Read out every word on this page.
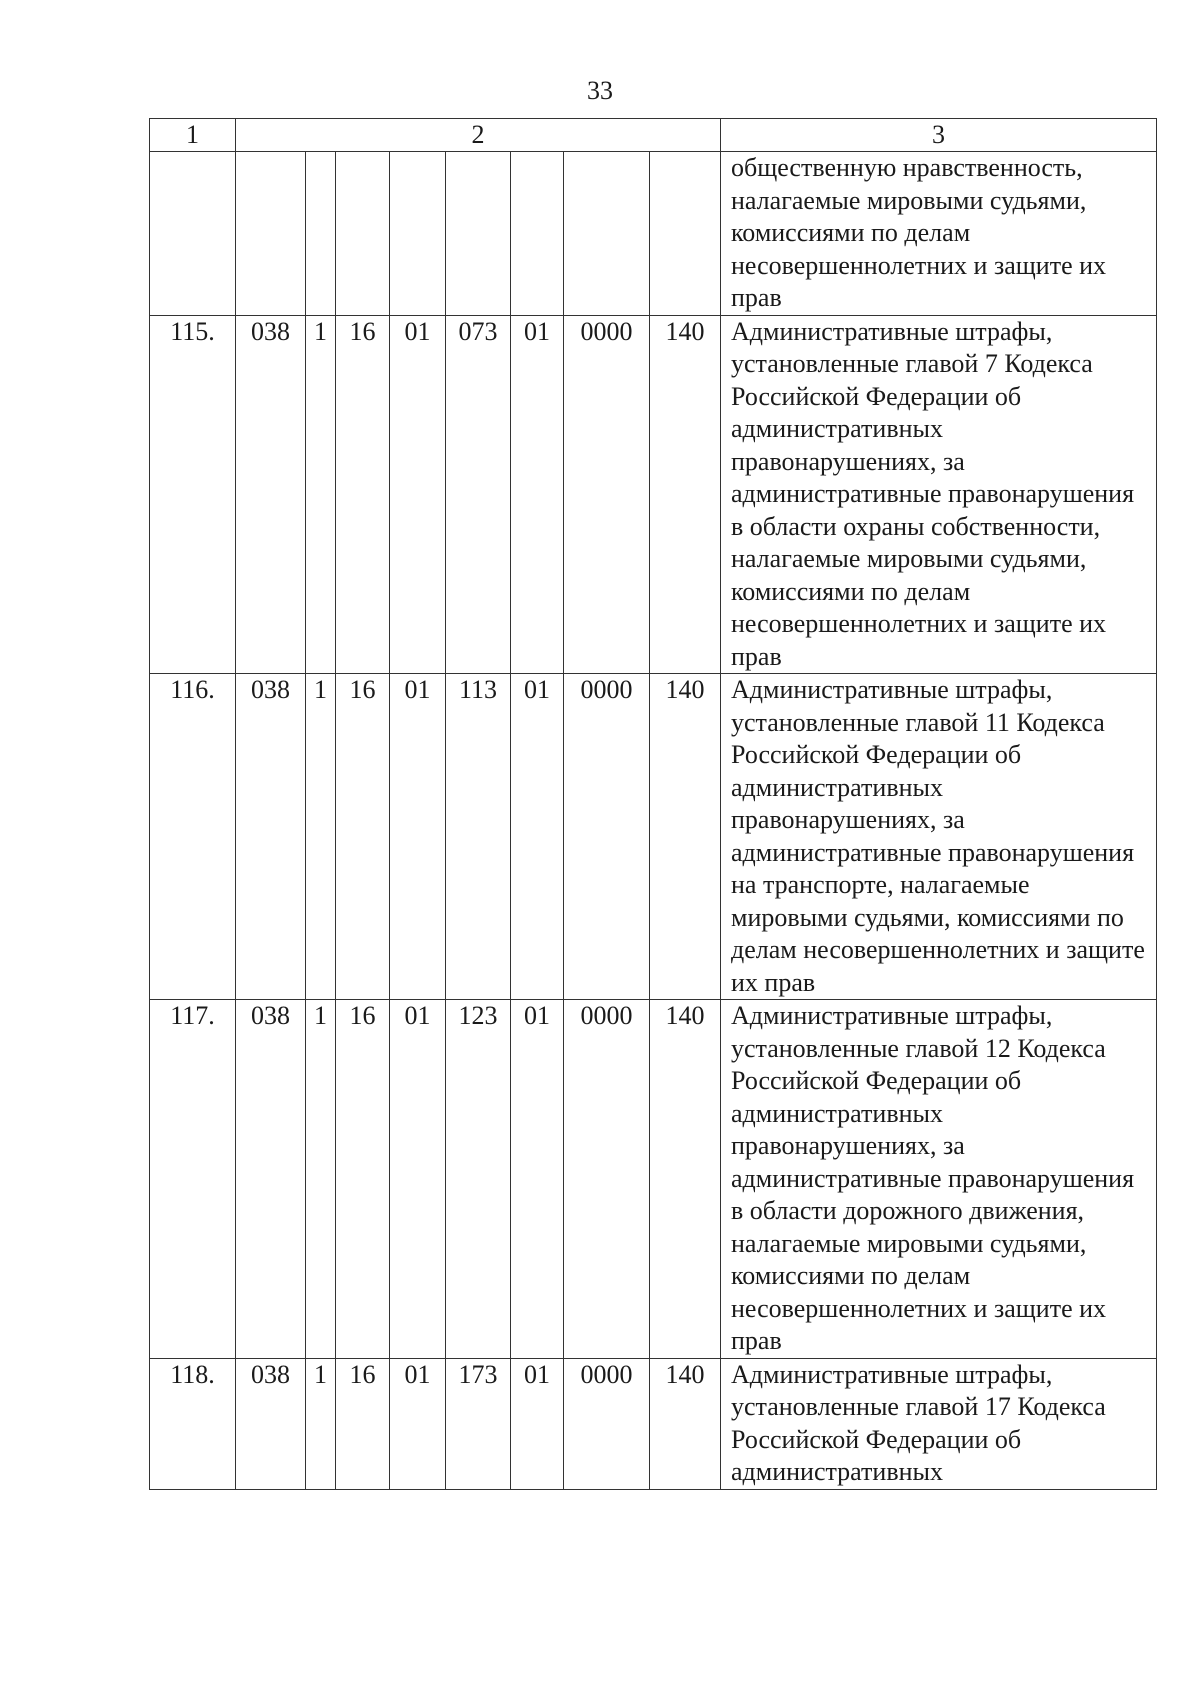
33
1	2								3
									общественную нравственность, налагаемые мировыми судьями, комиссиями по делам несовершеннолетних и защите их прав
115.	038	1	16	01	073	01	0000	140	Административные штрафы, установленные главой 7 Кодекса Российской Федерации об административных правонарушениях, за административные правонарушения в области охраны собственности, налагаемые мировыми судьями, комиссиями по делам несовершеннолетних и защите их прав
116.	038	1	16	01	113	01	0000	140	Административные штрафы, установленные главой 11 Кодекса Российской Федерации об административных правонарушениях, за административные правонарушения на транспорте, налагаемые мировыми судьями, комиссиями по делам несовершеннолетних и защите их прав
117.	038	1	16	01	123	01	0000	140	Административные штрафы, установленные главой 12 Кодекса Российской Федерации об административных правонарушениях, за административные правонарушения в области дорожного движения, налагаемые мировыми судьями, комиссиями по делам несовершеннолетних и защите их прав
118.	038	1	16	01	173	01	0000	140	Административные штрафы, установленные главой 17 Кодекса Российской Федерации об административных
